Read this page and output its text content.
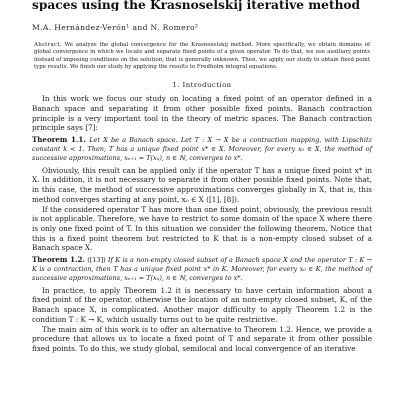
spaces using the Krasnoselskij iterative method
M.A. Hernández-Verón¹ and N. Romero²
Abstract. We analyze the global convergence for the Krasnoselskij method. More specifically, we obtain domains of global convergence in which we locate and separate fixed points of a given operator. To do that, we use auxiliary points instead of imposing conditions on the solution, that is generally unknown. Then, we apply our study to obtain fixed point type results. We finish our study by applying the results to Fredholm integral equations.
1. Introduction

In this work we focus our study on locating a fixed point of an operator defined in a Banach space and separating it from other possible fixed points. Banach contraction principle is a very important tool in the theory of metric spaces. The Banach contraction principle says [7]:

Theorem 1.1. Let X be a Banach space. Let T : X → X be a contraction mapping, with Lipschitz constant k < 1. Then, T has a unique fixed point x* ∈ X. Moreover, for every x₀ ∈ X, the method of successive approximations, xₙ₊₁ = T(xₙ), n ∈ ℕ, converges to x*.

Obviously, this result can be applied only if the operator T has a unique fixed point x* in X. In addition, it is not necessary to separate it from other possible fixed points. Note that, in this case, the method of successive approximations converges globally in X, that is, this method converges starting at any point, x₀ ∈ X ([1], [8]).

If the considered operator T has more than one fixed point, obviously, the previous result is not applicable. Therefore, we have to restrict to some domain of the space X where there is only one fixed point of T. In this situation we consider the following theorem. Notice that this is a fixed point theorem but restricted to K that is a non-empty closed subset of a Banach space X.

Theorem 1.2. ([13]) If K is a non-empty closed subset of a Banach space X and the operator T : K → K is a contraction, then T has a unique fixed point x* in K. Moreover, for every x₀ ∈ K, the method of successive approximations, xₙ₊₁ = T(xₙ), n ∈ ℕ, converges to x*.

In practice, to apply Theorem 1.2 it is necessary to have certain information about a fixed point of the operator, otherwise the location of an non-empty closed subset, K, of the Banach space X, is complicated. Another major difficulty to apply Theorem 1.2 is the condition T : K → K, which usually turns out to be quite restrictive.

The main aim of this work is to offer an alternative to Theorem 1.2. Hence, we provide a procedure that allows us to locate a fixed point of T and separate it from other possible fixed points. To do this, we study global, semilocal and local convergence of an iterative
